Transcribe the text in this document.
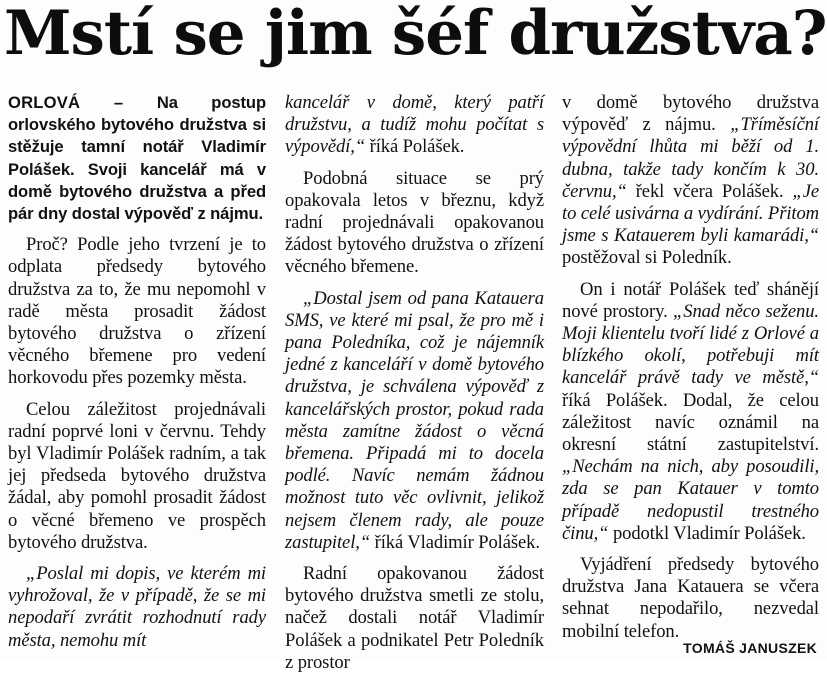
Mstí se jim šéf družstva?

ORLOVÁ – Na postup orlovského bytového družstva si stěžuje tamní notář Vladimír Polášek. Svoji kancelář má v domě bytového družstva a před pár dny dostal výpověď z nájmu.

Proč? Podle jeho tvrzení je to odplata předsedy bytového družstva za to, že mu nepomohl v radě města prosadit žádost bytového družstva o zřízení věcného břemene pro vedení horkovodu přes pozemky města.

Celou záležitost projednávali radní poprvé loni v červnu. Tehdy byl Vladimír Polášek radním, a tak jej předseda bytového družstva žádal, aby pomohl prosadit žádost o věcné břemeno ve prospěch bytového družstva.

„Poslal mi dopis, ve kterém mi vyhrožoval, že v případě, že se mi nepodaří zvrátit rozhodnutí rady města, nemohu mít

kancelář v domě, který patří družstvu, a tudíž mohu počítat s výpovědí,“ říká Polášek.

Podobná situace se prý opakovala letos v březnu, když radní projednávali opakovanou žádost bytového družstva o zřízení věcného břemene.

„Dostal jsem od pana Katauera SMS, ve které mi psal, že pro mě i pana Poledníka, což je nájemník jedné z kanceláří v domě bytového družstva, je schválena výpověď z kancelářských prostor, pokud rada města zamítne žádost o věcná břemena. Připadá mi to docela podlé. Navíc nemám žádnou možnost tuto věc ovlivnit, jelikož nejsem členem rady, ale pouze zastupitel,“ říká Vladimír Polášek.

Radní opakovanou žádost bytového družstva smetli ze stolu, načež dostali notář Vladimír Polášek a podnikatel Petr Poledník z prostor

v domě bytového družstva výpověď z nájmu. „Tříměsíční výpovědní lhůta mi běží od 1. dubna, takže tady končím k 30. červnu,“ řekl včera Polášek. „Je to celé usivárna a vydírání. Přitom jsme s Katauerem byli kamarádi,“ postěžoval si Poledník.

On i notář Polášek teď shánějí nové prostory. „Snad něco seženu. Moji klientelu tvoří lidé z Orlové a blízkého okolí, potřebuji mít kancelář právě tady ve městě,“ říká Polášek. Dodal, že celou záležitost navíc oznámil na okresní státní zastupitelství. „Nechám na nich, aby posoudili, zda se pan Katauer v tomto případě nedopustil trestného činu,“ podotkl Vladimír Polášek.

Vyjádření předsedy bytového družstva Jana Katauera se včera sehnat nepodařilo, nezvedal mobilní telefon.

TOMÁŠ JANUSZEK
